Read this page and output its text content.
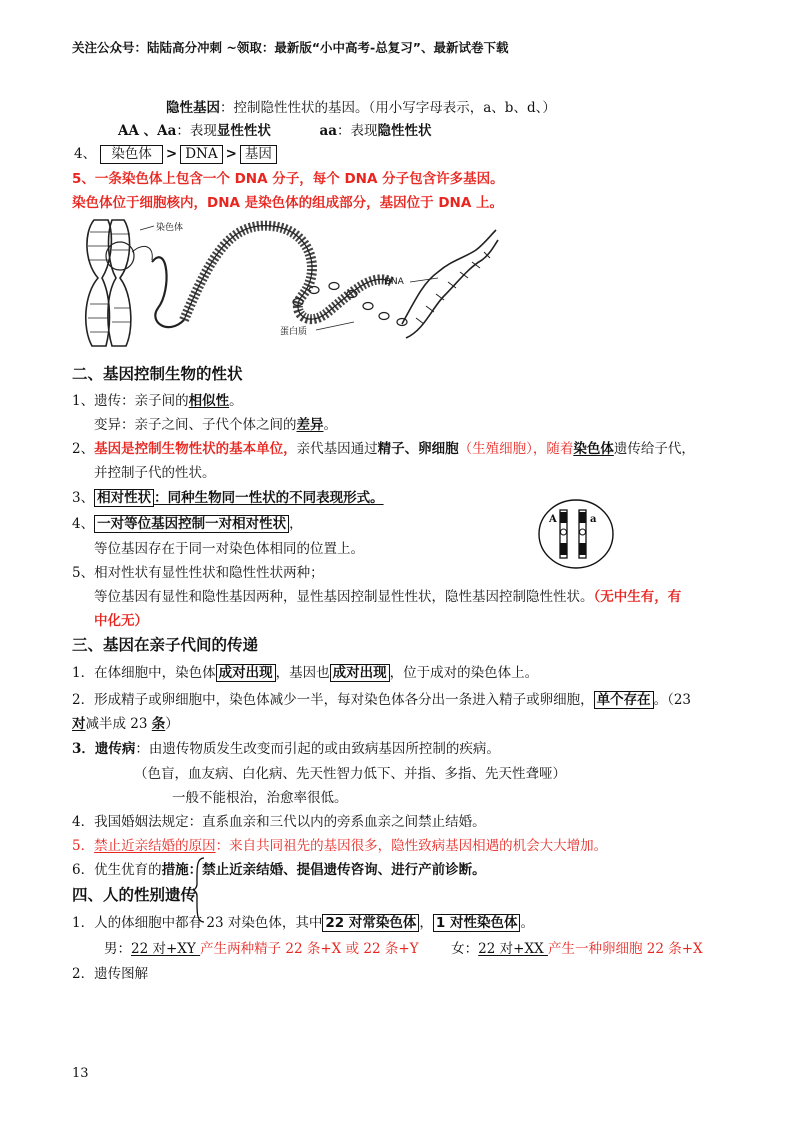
关注公众号：陆陆高分冲刺 ~领取：最新版“小中高考-总复习”、最新试卷下载
隐性基因：控制隐性性状的基因。（用小写字母表示，a、b、d、）
AA 、Aa：表现显性性状	aa：表现隐性性状
4、 染色体 > DNA > 基因
5、一条染色体上包含一个 DNA 分子，每个 DNA 分子包含许多基因。
染色体位于细胞核内，DNA 是染色体的组成部分，基因位于 DNA 上。
染色体
DNA
蛋白质
二、基因控制生物的性状
1、遗传：亲子间的相似性。
变异：亲子之间、子代个体之间的差异。
2、基因是控制生物性状的基本单位，亲代基因通过精子、卵细胞（生殖细胞），随着染色体遗传给子代，
并控制子代的性状。
3、 相对性状 ：同种生物同一性状的不同表现形式。
4、 一对等位基因控制一对相对性状 ，
等位基因存在于同一对染色体相同的位置上。
A	a
5、相对性状有显性性状和隐性性状两种；
等位基因有显性和隐性基因两种，显性基因控制显性性状，隐性基因控制隐性性状。（无中生有，有
中化无）
三、基因在亲子代间的传递
1．在体细胞中，染色体 成对出现 ，基因也 成对出现 ，位于成对的染色体上。
2．形成精子或卵细胞中，染色体减少一半，每对染色体各分出一条进入精子或卵细胞， 单个存在 。（23
对减半成 23 条）
3．遗传病：由遗传物质发生改变而引起的或由致病基因所控制的疾病。
（色盲，血友病、白化病、先天性智力低下、并指、多指、先天性聋哑）
一般不能根治，治愈率很低。
4．我国婚姻法规定：直系血亲和三代以内的旁系血亲之间禁止结婚。
5．禁止近亲结婚的原因：来自共同祖先的基因很多，隐性致病基因相遇的机会大大增加。
6．优生优育的措施：禁止近亲结婚、提倡遗传咨询、进行产前诊断。
四、人的性别遗传
1．人的体细胞中都有 23 对染色体，其中 22 对常染色体 ， 1 对性染色体 。
男：22 对+XY 产生两种精子 22 条+X 或 22 条+Y 女：22 对+XX 产生一种卵细胞 22 条+X
2．遗传图解
13
